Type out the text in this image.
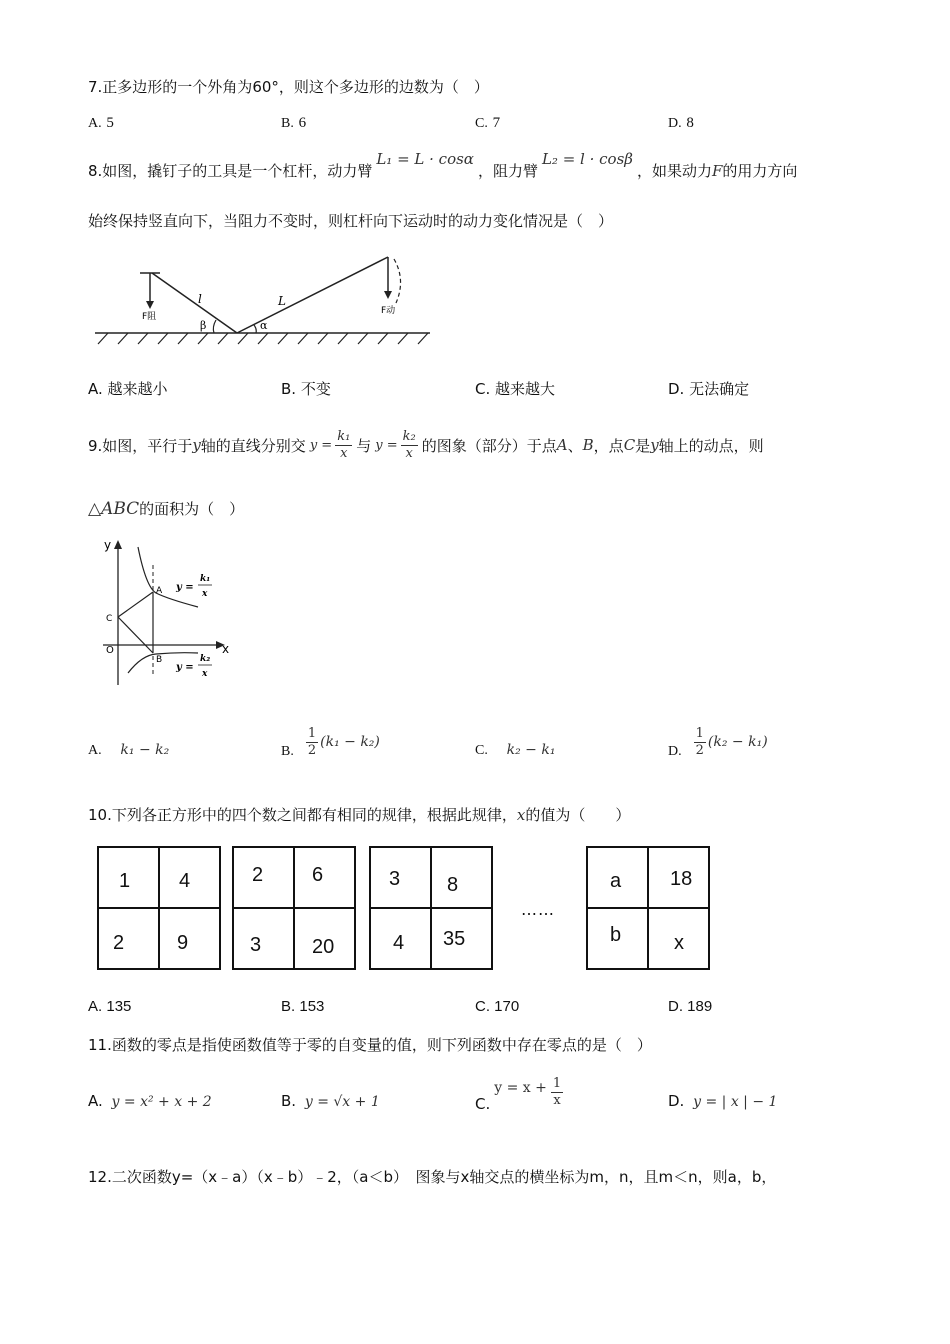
7.正多边形的一个外角为60°，则这个多边形的边数为（　）
A. 5	B. 6	C. 7	D. 8
8.如图，撬钉子的工具是一个杠杆，动力臂L₁ = L · cosα，阻力臂L₂ = l · cosβ，如果动力F的用力方向
始终保持竖直向下，当阻力不变时，则杠杆向下运动时的动力变化情况是（　）
l	L
β	α
F阻
F动
A. 越来越小	B. 不变	C. 越来越大	D. 无法确定
9.如图，平行于 y 轴的直线分别交 $y = \frac{\text{k₁}}{x}$ 与 $y = \frac{\text{k₂}}{x}$ 的图象（部分）于点 A 、 B ，点 C 是 y 轴上的动点，则
△ABC的面积为（　）
y
x
O
A
B
C
y =
k₁
x
y =
k₂
x
A. k₁ − k₂	B. $\frac{1}{2} (k_1 - k_2)$
C. k₂ − k₁	D. $\frac{1}{2} (k_2 - k_1)$
10.下列各正方形中的四个数之间都有相同的规律，根据此规律，x的值为（　　）
1 4
2	9
2 6
3	20
3 8
4 35
……
a 18
b	x
A. 135	B. 153	C. 170	D. 189
11.函数的零点是指使函数值等于零的自变量的值，则下列函数中存在零点的是（　）
A. y = x² + x + 2	B. y = √x + 1	C.
$y = x + \frac{1}{x}$	D. y = | x | − 1
12.二次函数y=（x﹣a）（x﹣b）﹣2，（a＜b）　图象与x轴交点的横坐标为m，n，且m＜n，则a，b，
